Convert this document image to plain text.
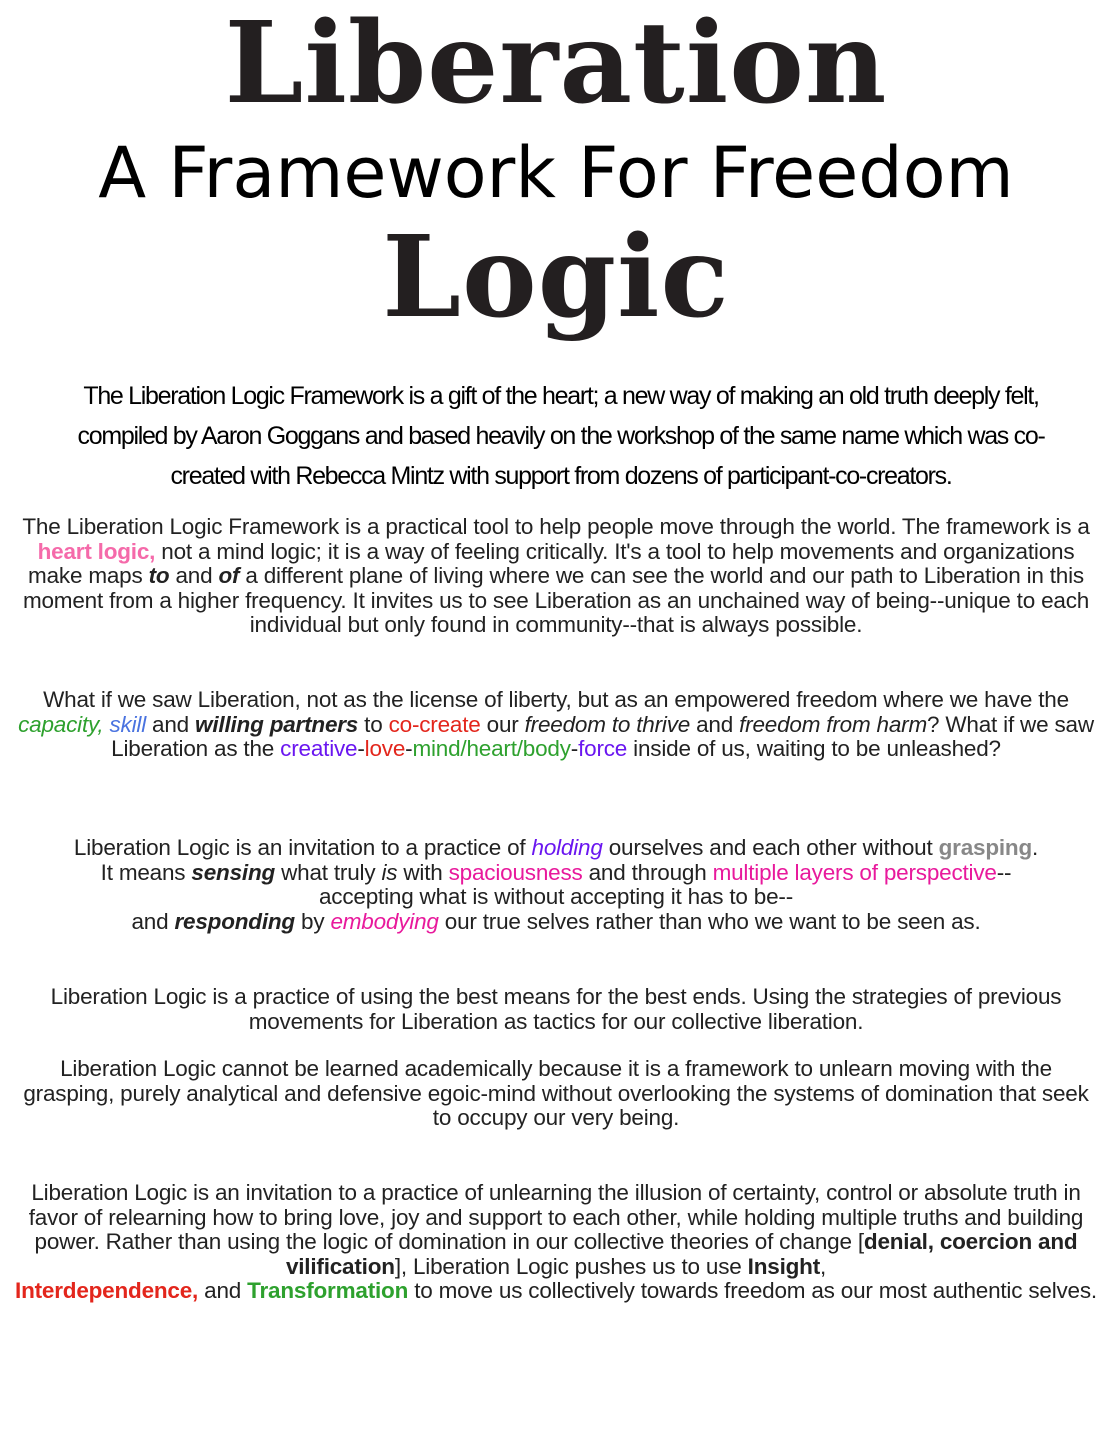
Liberation
A Framework For Freedom
Logic
The Liberation Logic Framework is a gift of the heart; a new way of making an old truth deeply felt,
compiled by Aaron Goggans and based heavily on the workshop of the same name which was co-
created with Rebecca Mintz with support from dozens of participant-co-creators.
The Liberation Logic Framework is a practical tool to help people move through the world. The framework is a heart logic, not a mind logic; it is a way of feeling critically. It's a tool to help movements and organizations make maps to and of a different plane of living where we can see the world and our path to Liberation in this moment from a higher frequency. It invites us to see Liberation as an unchained way of being--unique to each individual but only found in community--that is always possible.
What if we saw Liberation, not as the license of liberty, but as an empowered freedom where we have the capacity, skill and willing partners to co-create our freedom to thrive and freedom from harm? What if we saw Liberation as the creative-love-mind/heart/body-force inside of us, waiting to be unleashed?
Liberation Logic is an invitation to a practice of holding ourselves and each other without grasping.
It means sensing what truly is with spaciousness and through multiple layers of perspective--
accepting what is without accepting it has to be--
and responding by embodying our true selves rather than who we want to be seen as.
Liberation Logic is a practice of using the best means for the best ends. Using the strategies of previous movements for Liberation as tactics for our collective liberation.
Liberation Logic cannot be learned academically because it is a framework to unlearn moving with the grasping, purely analytical and defensive egoic-mind without overlooking the systems of domination that seek to occupy our very being.
Liberation Logic is an invitation to a practice of unlearning the illusion of certainty, control or absolute truth in favor of relearning how to bring love, joy and support to each other, while holding multiple truths and building power. Rather than using the logic of domination in our collective theories of change [denial, coercion and vilification], Liberation Logic pushes us to use Insight,
Interdependence, and Transformation to move us collectively towards freedom as our most authentic selves.
